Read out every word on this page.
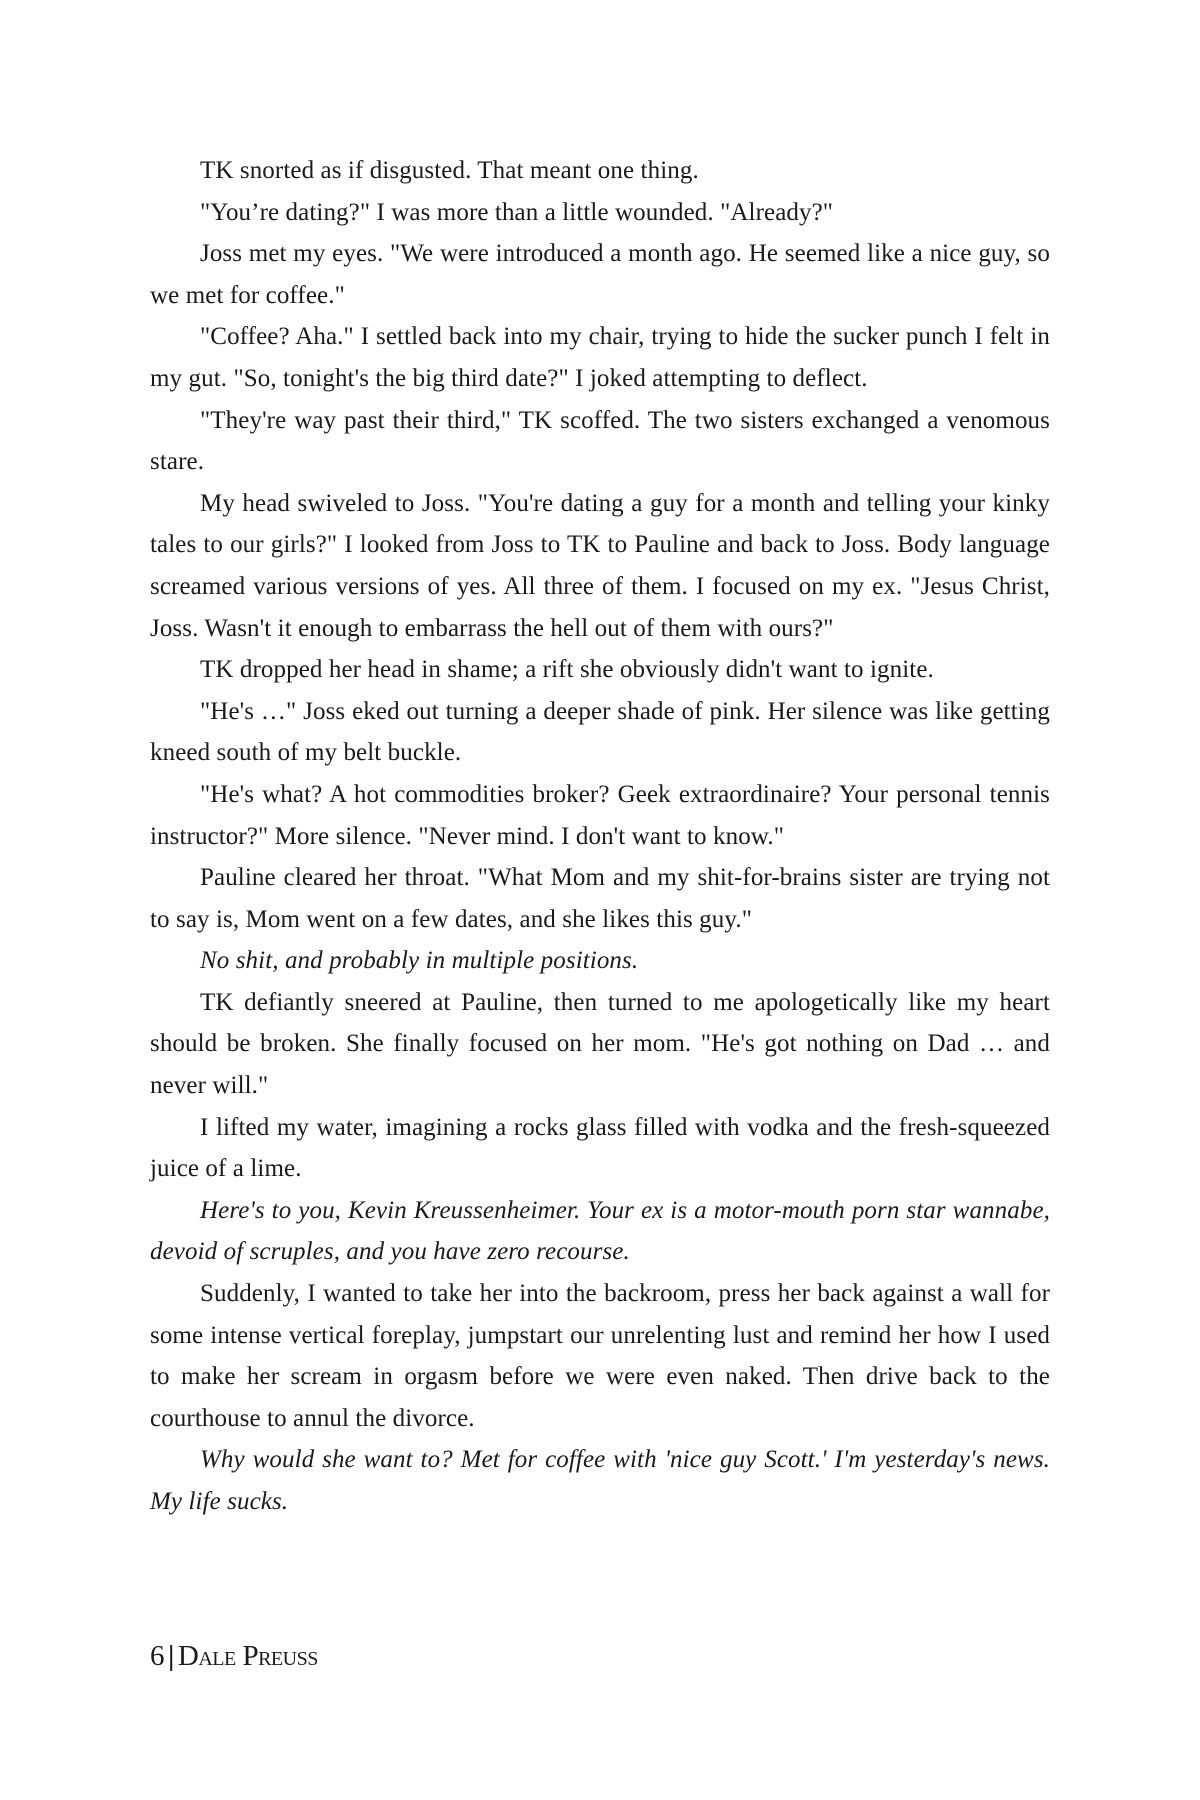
TK snorted as if disgusted. That meant one thing.

"You’re dating?" I was more than a little wounded. "Already?"

Joss met my eyes. "We were introduced a month ago. He seemed like a nice guy, so we met for coffee."

"Coffee? Aha." I settled back into my chair, trying to hide the sucker punch I felt in my gut. "So, tonight's the big third date?" I joked attempting to deflect.

"They're way past their third," TK scoffed. The two sisters exchanged a venomous stare.

My head swiveled to Joss. "You're dating a guy for a month and telling your kinky tales to our girls?" I looked from Joss to TK to Pauline and back to Joss. Body language screamed various versions of yes. All three of them. I focused on my ex. "Jesus Christ, Joss. Wasn't it enough to embarrass the hell out of them with ours?"

TK dropped her head in shame; a rift she obviously didn't want to ignite.

"He's …" Joss eked out turning a deeper shade of pink. Her silence was like getting kneed south of my belt buckle.

"He's what? A hot commodities broker? Geek extraordinaire? Your personal tennis instructor?" More silence. "Never mind. I don't want to know."

Pauline cleared her throat. "What Mom and my shit-for-brains sister are trying not to say is, Mom went on a few dates, and she likes this guy."

No shit, and probably in multiple positions.

TK defiantly sneered at Pauline, then turned to me apologetically like my heart should be broken. She finally focused on her mom. "He's got nothing on Dad … and never will."

I lifted my water, imagining a rocks glass filled with vodka and the fresh-squeezed juice of a lime.

Here's to you, Kevin Kreussenheimer. Your ex is a motor-mouth porn star wannabe, devoid of scruples, and you have zero recourse.

Suddenly, I wanted to take her into the backroom, press her back against a wall for some intense vertical foreplay, jumpstart our unrelenting lust and remind her how I used to make her scream in orgasm before we were even naked. Then drive back to the courthouse to annul the divorce.

Why would she want to? Met for coffee with 'nice guy Scott.' I'm yesterday's news. My life sucks.

6 | Dale Preuss
